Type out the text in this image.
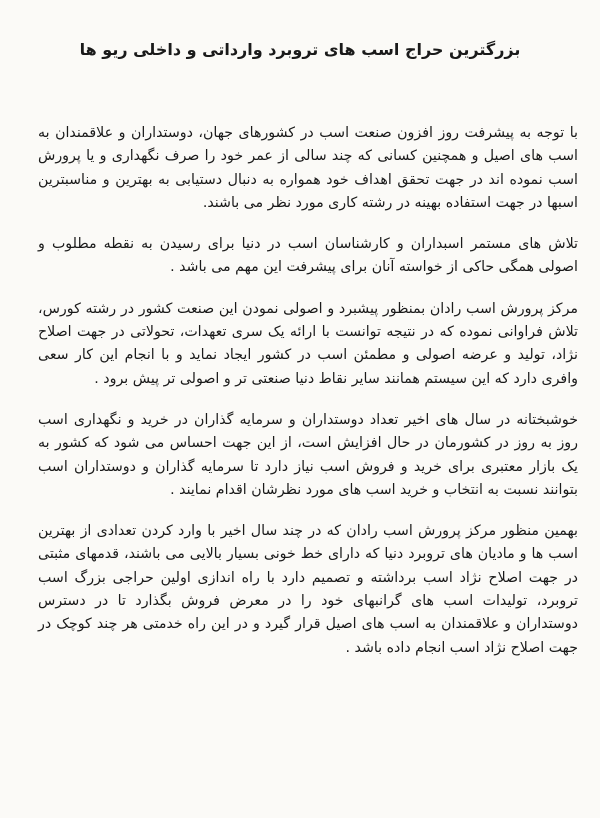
بزرگترین حراج اسب های تروبرد وارداتی و داخلی ریو ها

با توجه به پیشرفت روز افزون صنعت اسب در کشورهای جهان، دوستداران و علاقمندان به اسب های اصیل و همچنین کسانی که چند سالی از عمر خود را صرف نگهداری و یا پرورش اسب نموده اند در جهت تحقق اهداف خود همواره به دنبال دستیابی به بهترین و مناسبترین اسبها در جهت استفاده بهینه در رشته کاری مورد نظر می باشند.

تلاش های مستمر اسبداران و کارشناسان اسب در دنیا برای رسیدن به نقطه مطلوب و اصولی همگی حاکی از خواسته آنان برای پیشرفت این مهم می باشد .

مرکز پرورش اسب رادان بمنظور پیشبرد و اصولی نمودن این صنعت کشور در رشته کورس، تلاش فراوانی نموده که در نتیجه توانست با ارائه یک سری تعهدات، تحولاتی در جهت اصلاح نژاد، تولید و عرضه اصولی و مطمئن اسب در کشور ایجاد نماید و با انجام این کار سعی وافری دارد که این سیستم همانند سایر نقاط دنیا صنعتی تر و اصولی تر پیش برود .

خوشبختانه در سال های اخیر تعداد دوستداران و سرمایه گذاران در خرید و نگهداری اسب روز به روز در کشورمان در حال افزایش است، از این جهت احساس می شود که کشور به یک بازار معتبری برای خرید و فروش اسب نیاز دارد تا سرمایه گذاران و دوستداران اسب بتوانند نسبت به انتخاب و خرید اسب های مورد نظرشان اقدام نمایند .

بهمین منظور مرکز پرورش اسب رادان که در چند سال اخیر با وارد کردن تعدادی از بهترین اسب ها و مادیان های تروبرد دنیا که دارای خط خونی بسیار بالایی می باشند، قدمهای مثبتی در جهت اصلاح نژاد اسب برداشته و تصمیم دارد با راه اندازی اولین حراجی بزرگ اسب تروبرد، تولیدات اسب های گرانبهای خود را در معرض فروش بگذارد تا در دسترس دوستداران و علاقمندان به اسب های اصیل قرار گیرد و در این راه خدمتی هر چند کوچک در جهت اصلاح نژاد اسب انجام داده باشد .
